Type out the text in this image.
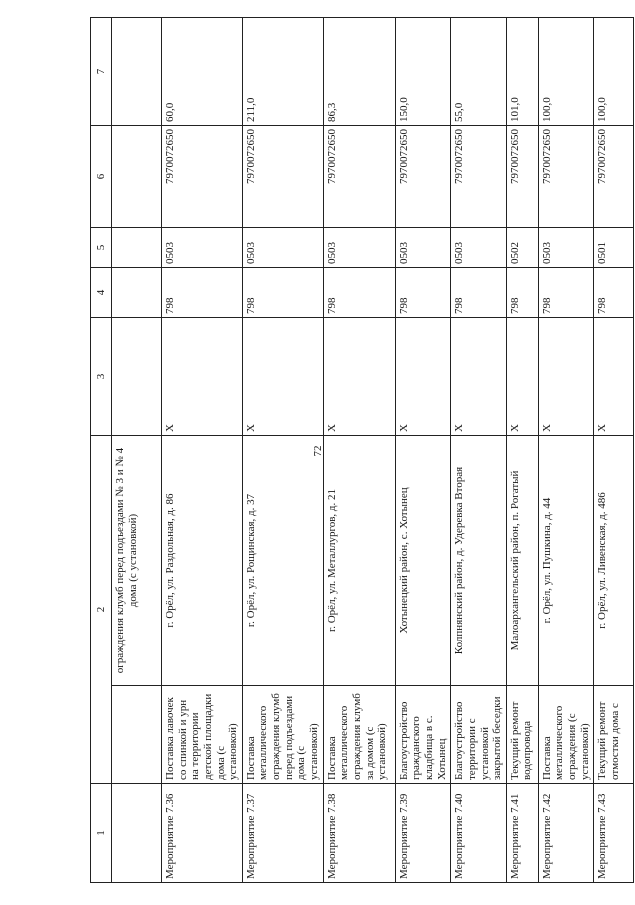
72
1	2		3	4	5	6	7
		ограждения клумб перед подъездами № 3 и № 4 дома (с установкой)					
Мероприятие 7.36	Поставка лавочек со спинкой и урн на территории детской площадки дома (с установкой)	г. Орёл, ул. Раздольная, д. 86	X	798	0503	7970072650	60,0
Мероприятие 7.37	Поставка металлического ограждения клумб перед подъездами дома (с установкой)	г. Орёл, ул. Рощинская, д. 37	X	798	0503	7970072650	211,0
Мероприятие 7.38	Поставка металлического ограждения клумб за домом (с установкой)	г. Орёл, ул. Металлургов, д. 21	X	798	0503	7970072650	86,3
Мероприятие 7.39	Благоустройство гражданского кладбища в с. Хотынец	Хотынецкий район, с. Хотынец	X	798	0503	7970072650	150,0
Мероприятие 7.40	Благоустройство территории с установкой закрытой беседки	Колпнянский район, д. Удеревка Вторая	X	798	0503	7970072650	55,0
Мероприятие 7.41	Текущий ремонт водопровода	Малоархангельский район, п. Рогатый	X	798	0502	7970072650	101,0
Мероприятие 7.42	Поставка металлического ограждения (с установкой)	г. Орёл, ул. Пушкина, д. 44	X	798	0503	7970072650	100,0
Мероприятие 7.43	Текущий ремонт отмостки дома с	г. Орёл, ул. Ливенская, д. 486	X	798	0501	7970072650	100,0
